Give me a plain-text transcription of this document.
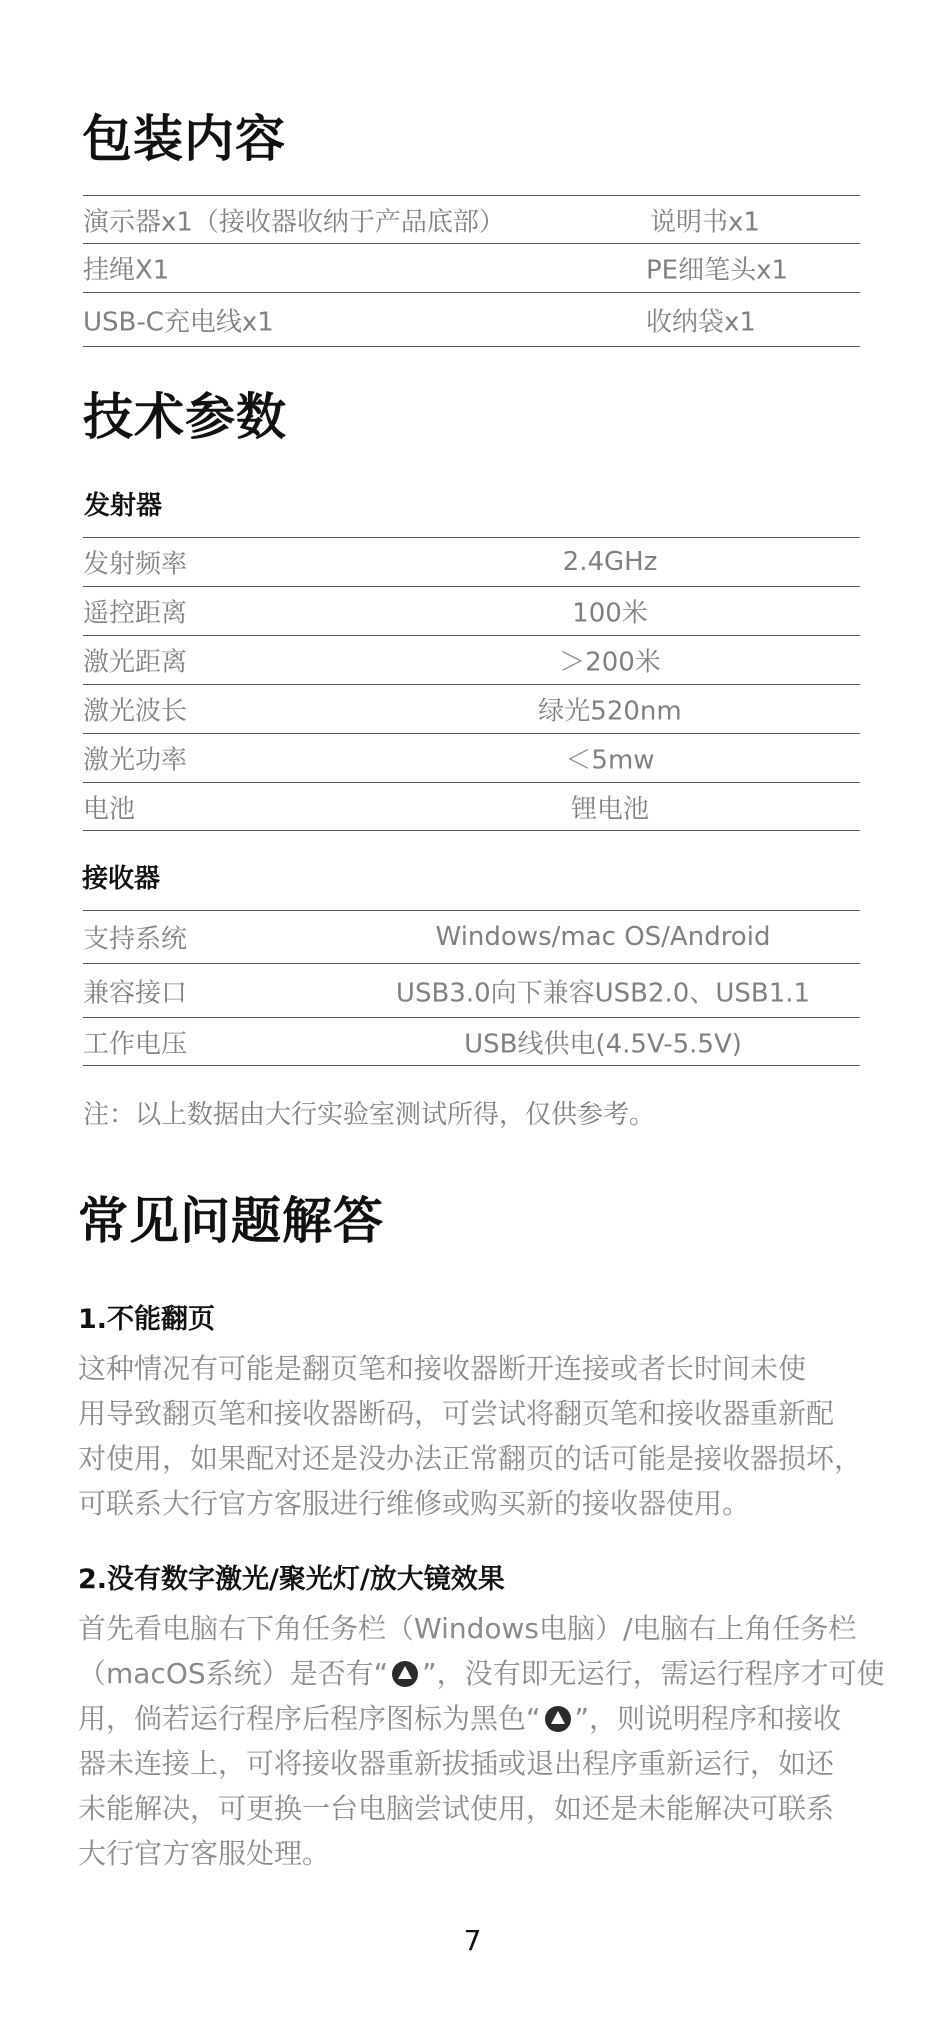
包装内容
演示器x1（接收器收纳于产品底部）	说明书x1
挂绳X1	PE细笔头x1
USB-C充电线x1	收纳袋x1
技术参数
发射器
发射频率	2.4GHz
遥控距离	100米
激光距离	＞200米
激光波长	绿光520nm
激光功率	＜5mw
电池	锂电池
接收器
支持系统	Windows/mac OS/Android
兼容接口	USB3.0向下兼容USB2.0、USB1.1
工作电压	USB线供电(4.5V-5.5V)
注：以上数据由大行实验室测试所得，仅供参考。
常见问题解答
1.不能翻页
这种情况有可能是翻页笔和接收器断开连接或者长时间未使
用导致翻页笔和接收器断码，可尝试将翻页笔和接收器重新配
对使用，如果配对还是没办法正常翻页的话可能是接收器损坏，
可联系大行官方客服进行维修或购买新的接收器使用。
2.没有数字激光/聚光灯/放大镜效果
首先看电脑右下角任务栏（Windows电脑）/电脑右上角任务栏
（macOS系统）是否有“ ”，没有即无运行，需运行程序才可使
用，倘若运行程序后程序图标为黑色“ ”，则说明程序和接收
器未连接上，可将接收器重新拔插或退出程序重新运行，如还
未能解决，可更换一台电脑尝试使用，如还是未能解决可联系
大行官方客服处理。
7
